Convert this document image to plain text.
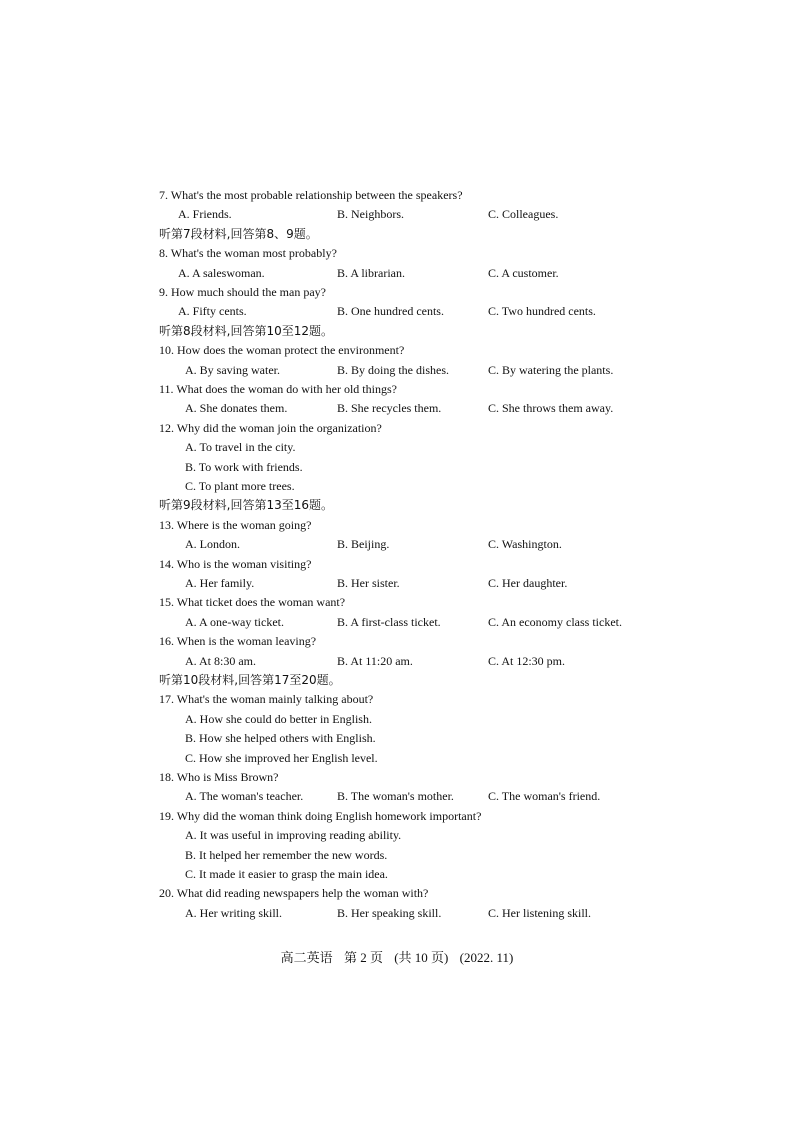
7. What's the most probable relationship between the speakers?
A. Friends.	B. Neighbors.	C. Colleagues.
听第7段材料,回答第8、9题。
8. What's the woman most probably?
A. A saleswoman.	B. A librarian.	C. A customer.
9. How much should the man pay?
A. Fifty cents.	B. One hundred cents.	C. Two hundred cents.
听第8段材料,回答第10至12题。
10. How does the woman protect the environment?
A. By saving water.	B. By doing the dishes.	C. By watering the plants.
11. What does the woman do with her old things?
A. She donates them.	B. She recycles them.	C. She throws them away.
12. Why did the woman join the organization?
A. To travel in the city.
B. To work with friends.
C. To plant more trees.
听第9段材料,回答第13至16题。
13. Where is the woman going?
A. London.	B. Beijing.	C. Washington.
14. Who is the woman visiting?
A. Her family.	B. Her sister.	C. Her daughter.
15. What ticket does the woman want?
A. A one-way ticket.	B. A first-class ticket.	C. An economy class ticket.
16. When is the woman leaving?
A. At 8:30 am.	B. At 11:20 am.	C. At 12:30 pm.
听第10段材料,回答第17至20题。
17. What's the woman mainly talking about?
A. How she could do better in English.
B. How she helped others with English.
C. How she improved her English level.
18. Who is Miss Brown?
A. The woman's teacher.	B. The woman's mother.	C. The woman's friend.
19. Why did the woman think doing English homework important?
A. It was useful in improving reading ability.
B. It helped her remember the new words.
C. It made it easier to grasp the main idea.
20. What did reading newspapers help the woman with?
A. Her writing skill.	B. Her speaking skill.	C. Her listening skill.
高二英语 第 2 页 (共 10 页) (2022. 11)
